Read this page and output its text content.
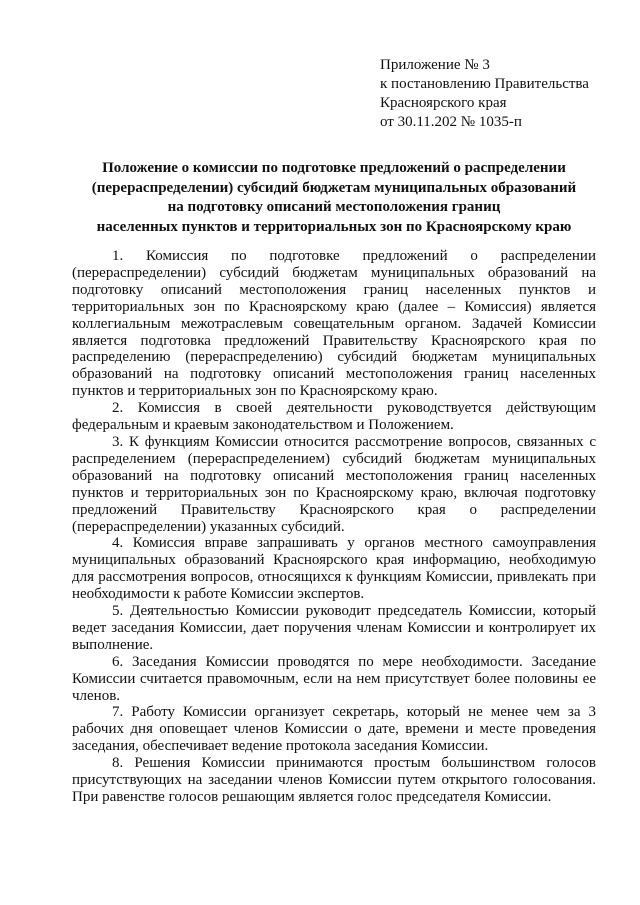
Приложение № 3
к постановлению Правительства
Красноярского края
от 30.11.202 № 1035-п
Положение о комиссии по подготовке предложений о распределении
(перераспределении) субсидий бюджетам муниципальных образований
на подготовку описаний местоположения границ
населенных пунктов и территориальных зон по Красноярскому краю

1. Комиссия по подготовке предложений о распределении (перераспределении) субсидий бюджетам муниципальных образований на подготовку описаний местоположения границ населенных пунктов и территориальных зон по Красноярскому краю (далее – Комиссия) является коллегиальным межотраслевым совещательным органом. Задачей Комиссии является подготовка предложений Правительству Красноярского края по распределению (перераспределению) субсидий бюджетам муниципальных образований на подготовку описаний местоположения границ населенных пунктов и территориальных зон по Красноярскому краю.

2. Комиссия в своей деятельности руководствуется действующим федеральным и краевым законодательством и Положением.

3. К функциям Комиссии относится рассмотрение вопросов, связанных с распределением (перераспределением) субсидий бюджетам муниципальных образований на подготовку описаний местоположения границ населенных пунктов и территориальных зон по Красноярскому краю, включая подготовку предложений Правительству Красноярского края о распределении (перераспределении) указанных субсидий.

4. Комиссия вправе запрашивать у органов местного самоуправления муниципальных образований Красноярского края информацию, необходимую для рассмотрения вопросов, относящихся к функциям Комиссии, привлекать при необходимости к работе Комиссии экспертов.

5. Деятельностью Комиссии руководит председатель Комиссии, который ведет заседания Комиссии, дает поручения членам Комиссии и контролирует их выполнение.

6. Заседания Комиссии проводятся по мере необходимости. Заседание Комиссии считается правомочным, если на нем присутствует более половины ее членов.

7. Работу Комиссии организует секретарь, который не менее чем за 3 рабочих дня оповещает членов Комиссии о дате, времени и месте проведения заседания, обеспечивает ведение протокола заседания Комиссии.

8. Решения Комиссии принимаются простым большинством голосов присутствующих на заседании членов Комиссии путем открытого голосования. При равенстве голосов решающим является голос председателя Комиссии.
